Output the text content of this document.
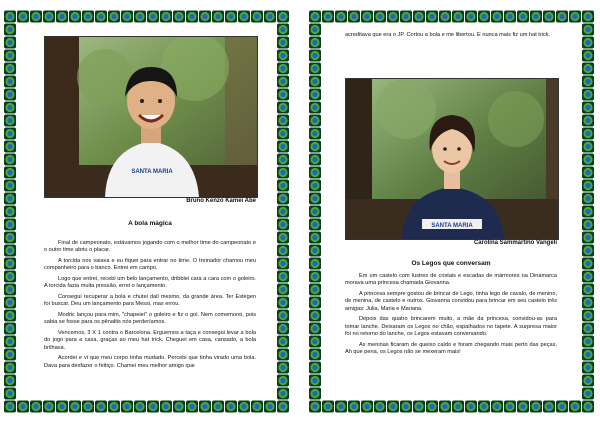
SANTA MARIA
Bruno Kenzo Kamei Abe
A bola mágica

Final de campeonato, estávamos jogando com o melhor time do campeonato e o outro time abriu o placar.

A torcida nos vaiava e eu fiquei para entrar no time. O treinador chamou meu companheiro para o banco. Entrei em campo.

Logo que entrei, recebi um belo lançamento, dribblei cara a cara com o goleiro. A torcida fazia muita pressão, errei o lançamento.

Consegui recuperar a bola e chutei dali mesmo, da grande área. Ter Estegen foi buscar. Deu um lançamento para Messi, mas errou.

Modric lançou para mim, "chapeiei" o goleiro e fiz o gol. Nem comemorei, pois sabia se fosse para os pênaltis nós perderíamos.

Vencemos, 3 X 1 contra o Barcelona. Erguemos a taça e consegui levar a bola do jogo para a casa, graças ao meu hat trick. Cheguei em casa, cansado, a bola brilhava.

Acordei e vi que meu corpo tinha mudado. Percebi que tinha virado uma bola. Dava para desfazer o feitiço. Chamei meu melhor amigo que

acreditava que era o JP. Cortou a bola e me libertou. E nunca mais fiz um hat trick.

SANTA MARIA
Carolina Sammartino Vangeli
Os Legos que conversam

Em um castelo com lustres de cristais e escadas de mármores na Dinamarca morava uma princesa chamada Giovanna.

A princesa sempre gostou de brincar de Lego, tinha lego de cavalo, de menino, de menina, de castelo e outros. Giovanna convidou para brincar em seu castelo três amigas: Julia, Maria e Mariana.

Depois das quatro brincarem muito, a mãe da princesa, convidou-as para tomar lanche. Deixaram os Legos no chão, espalhados no tapete. A surpresa maior foi no retorno do lanche, os Legos estavam conversando.

As meninas ficaram de queixo caído e foram chegando mais perto das peças. Ah que pena, os Legos não se mexeram mais!
